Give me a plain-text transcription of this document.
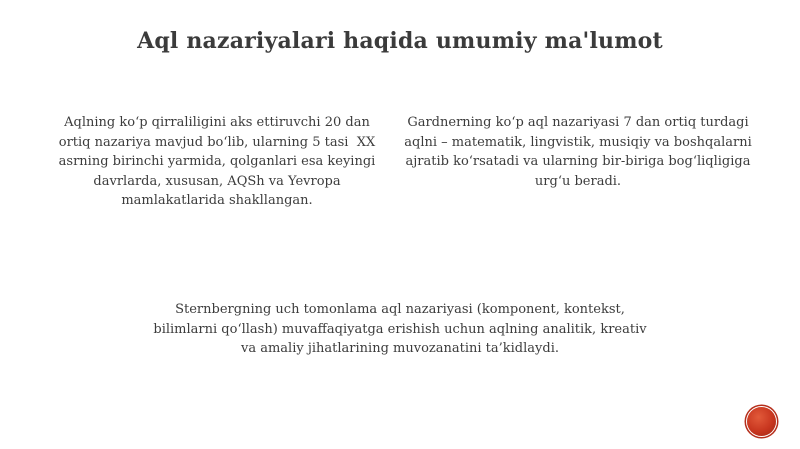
Aql nazariyalari haqida umumiy ma'lumot

Aqlning koʻp qirraliligini aks ettiruvchi 20 dan ortiq nazariya mavjud boʻlib, ularning 5 tasi  XX asrning birinchi yarmida, qolganlari esa keyingi davrlarda, xususan, AQSh va Yevropa mamlakatlarida shakllangan.

Gardnerning koʻp aql nazariyasi 7 dan ortiq turdagi aqlni – matematik, lingvistik, musiqiy va boshqalarni ajratib koʻrsatadi va ularning bir-biriga bogʻliqligiga urgʻu beradi.

Sternbergning uch tomonlama aql nazariyasi (komponent, kontekst, bilimlarni qoʻllash) muvaffaqiyatga erishish uchun aqlning analitik, kreativ va amaliy jihatlarining muvozanatini ta’kidlaydi.
